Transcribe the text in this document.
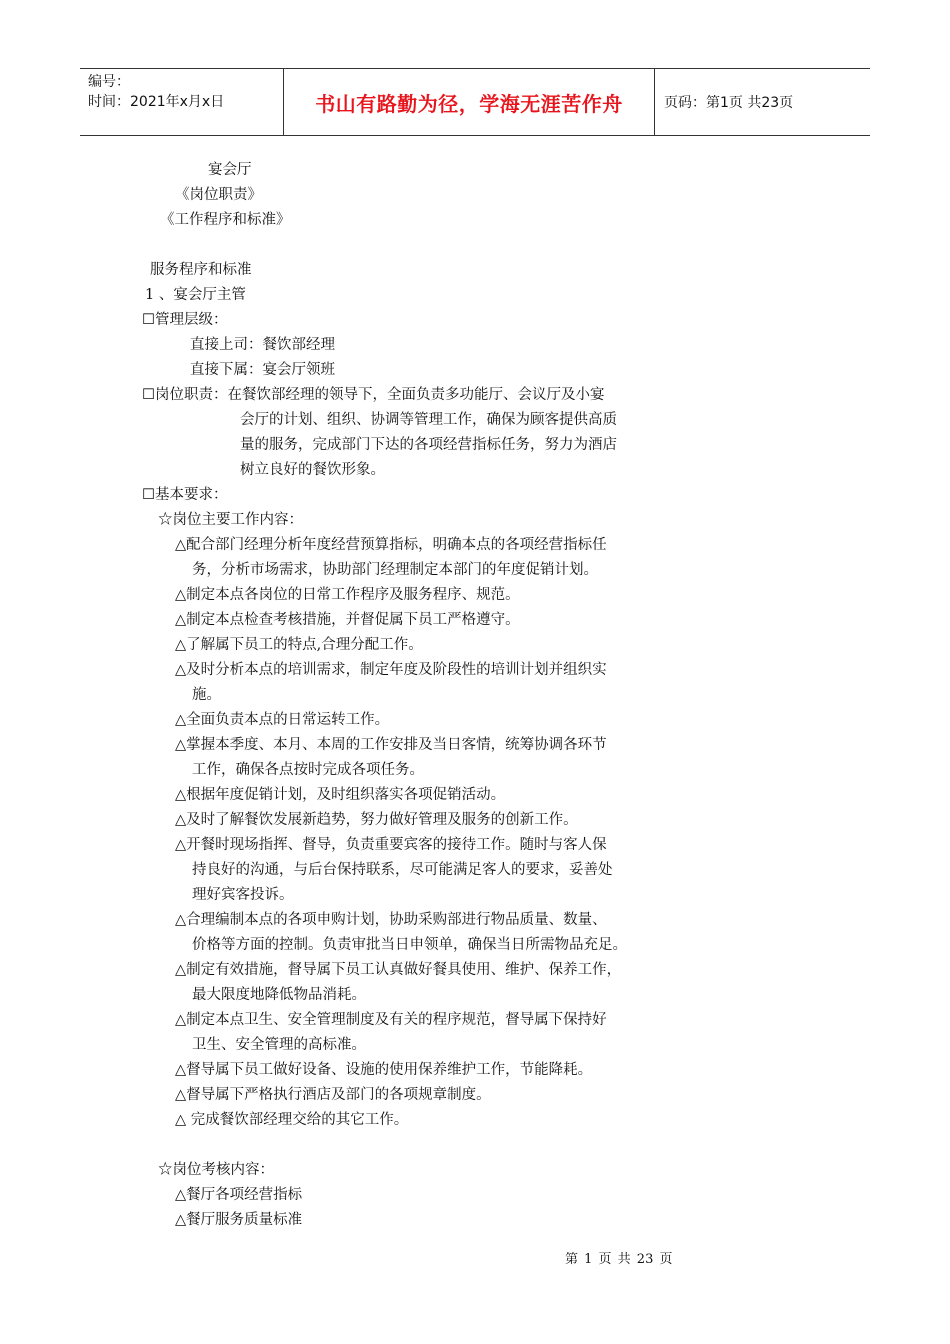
编号：
时间：2021年x月x日	书山有路勤为径，学海无涯苦作舟	页码：第1页 共23页
宴会厅
《岗位职责》
《工作程序和标准》
服务程序和标准
1 、宴会厅主管
☐管理层级：
直接上司：餐饮部经理
直接下属：宴会厅领班
☐岗位职责：在餐饮部经理的领导下，全面负责多功能厅、会议厅及小宴
会厅的计划、组织、协调等管理工作，确保为顾客提供高质
量的服务，完成部门下达的各项经营指标任务，努力为酒店
树立良好的餐饮形象。
☐基本要求：
☆岗位主要工作内容：
△配合部门经理分析年度经营预算指标，明确本点的各项经营指标任
务，分析市场需求，协助部门经理制定本部门的年度促销计划。
△制定本点各岗位的日常工作程序及服务程序、规范。
△制定本点检查考核措施，并督促属下员工严格遵守。
△了解属下员工的特点,合理分配工作。
△及时分析本点的培训需求，制定年度及阶段性的培训计划并组织实
施。
△全面负责本点的日常运转工作。
△掌握本季度、本月、本周的工作安排及当日客情，统筹协调各环节
工作，确保各点按时完成各项任务。
△根据年度促销计划，及时组织落实各项促销活动。
△及时了解餐饮发展新趋势，努力做好管理及服务的创新工作。
△开餐时现场指挥、督导，负责重要宾客的接待工作。随时与客人保
持良好的沟通，与后台保持联系，尽可能满足客人的要求，妥善处
理好宾客投诉。
△合理编制本点的各项申购计划，协助采购部进行物品质量、数量、
价格等方面的控制。负责审批当日申领单，确保当日所需物品充足。
△制定有效措施，督导属下员工认真做好餐具使用、维护、保养工作，
最大限度地降低物品消耗。
△制定本点卫生、安全管理制度及有关的程序规范，督导属下保持好
卫生、安全管理的高标准。
△督导属下员工做好设备、设施的使用保养维护工作，节能降耗。
△督导属下严格执行酒店及部门的各项规章制度。
△ 完成餐饮部经理交给的其它工作。
☆岗位考核内容：
△餐厅各项经营指标
△餐厅服务质量标准
第 1 页 共 23 页
